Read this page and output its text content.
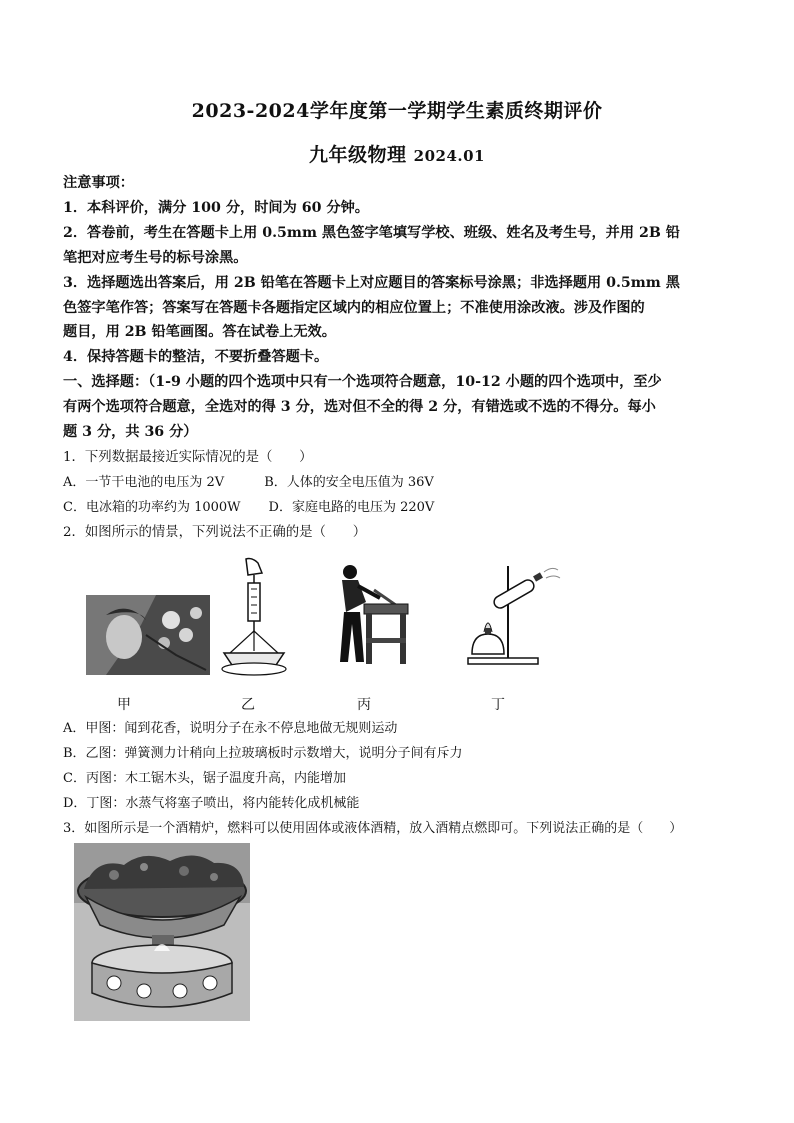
2023-2024学年度第一学期学生素质终期评价
九年级物理 2024.01
注意事项：
1．本科评价，满分 100 分，时间为 60 分钟。
2．答卷前，考生在答题卡上用 0.5mm 黑色签字笔填写学校、班级、姓名及考生号，并用 2B 铅
笔把对应考生号的标号涂黑。
3．选择题选出答案后，用 2B 铅笔在答题卡上对应题目的答案标号涂黑；非选择题用 0.5mm 黑
色签字笔作答；答案写在答题卡各题指定区域内的相应位置上；不准使用涂改液。涉及作图的
题目，用 2B 铅笔画图。答在试卷上无效。
4．保持答题卡的整洁，不要折叠答题卡。
一、选择题：（1-9 小题的四个选项中只有一个选项符合题意，10-12 小题的四个选项中，至少
有两个选项符合题意，全选对的得 3 分，选对但不全的得 2 分，有错选或不选的不得分。每小
题 3 分，共 36 分）
1．下列数据最接近实际情况的是（　　）
A．一节干电池的电压为 2V	B．人体的安全电压值为 36V
C．电冰箱的功率约为 1000W D．家庭电路的电压为 220V
2．如图所示的情景，下列说法不正确的是（　　）
甲	乙	丙	丁
A．甲图：闻到花香，说明分子在永不停息地做无规则运动
B．乙图：弹簧测力计稍向上拉玻璃板时示数增大，说明分子间有斥力
C．丙图：木工锯木头，锯子温度升高，内能增加
D．丁图：水蒸气将塞子喷出，将内能转化成机械能
3．如图所示是一个酒精炉，燃料可以使用固体或液体酒精，放入酒精点燃即可。下列说法正确的是（　　）
